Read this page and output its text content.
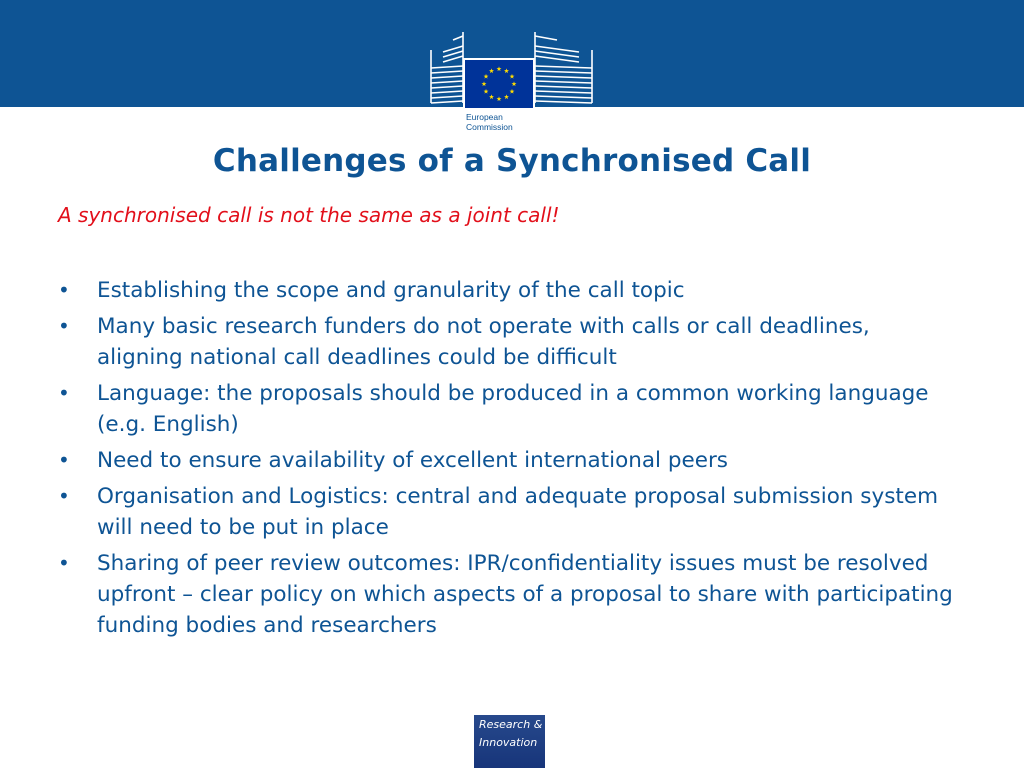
European
Commission
Challenges of a Synchronised Call
A synchronised call is not the same as a joint call!
• Establishing the scope and granularity of the call topic
• Many basic research funders do not operate with calls or call deadlines, aligning national call deadlines could be difficult
• Language: the proposals should be produced in a common working language (e.g. English)
• Need to ensure availability of excellent international peers
• Organisation and Logistics: central and adequate proposal submission system will need to be put in place
• Sharing of peer review outcomes: IPR/confidentiality issues must be resolved upfront – clear policy on which aspects of a proposal to share with participating funding bodies and researchers
Research &
Innovation
